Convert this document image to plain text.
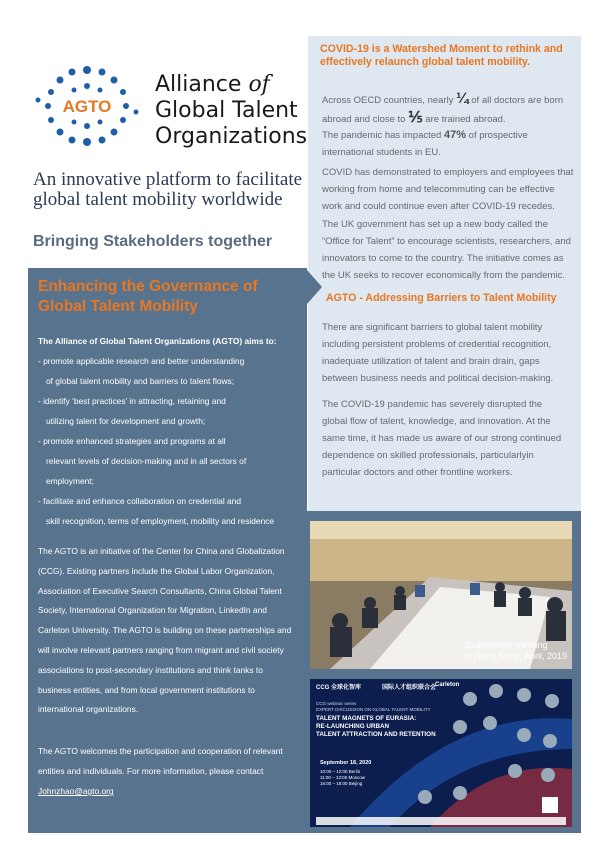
AGTO
Alliance of
Global Talent
Organizations
An innovative platform to facilitate
global talent mobility worldwide
Bringing Stakeholders together
COVID-19 is a Watershed Moment to rethink and
effectively relaunch global talent mobility.
Across OECD countries, nearly ¼ of all doctors are born
abroad and close to ⅕ are trained abroad.
The pandemic has impacted 47% of prospective
international students in EU.
COVID has demonstrated to employers and employees that
working from home and telecommuting can be effective
work and could continue even after COVID-19 recedes.
The UK government has set up a new body called the
“Office for Talent” to encourage scientists, researchers, and
innovators to come to the country. The initiative comes as
the UK seeks to recover economically from the pandemic.
AGTO - Addressing Barriers to Talent Mobility
There are significant barriers to global talent mobility
including persistent problems of credential recognition,
inadequate utilization of talent and brain drain, gaps
between business needs and political decision-making.
The COVID-19 pandemic has severely disrupted the
global flow of talent, knowledge, and innovation. At the
same time, it has made us aware of our strong continued
dependence on skilled professionals, particularlyin
particular doctors and other frontline workers.
Enhancing the Governance of
Global Talent Mobility
The Alliance of Global Talent Organizations (AGTO) aims to:
- promote applicable research and better understanding
of global talent mobility and barriers to talent flows;
- identify ‘best practices’ in attracting, retaining and
utilizing talent for development and growth;
- promote enhanced strategies and programs at all
relevant levels of decision-making and in all sectors of
employment;
- facilitate and enhance collaboration on credential and
skill recognition, terms of employment, mobility and residence
The AGTO is an initiative of the Center for China and Globalization
(CCG). Existing partners include the Global Labor Organization,
Association of Executive Search Consultants, China Global Talent
Society, International Organization for Migration, LinkedIn and
Carleton University. The AGTO is building on these partnerships and
will involve relevant partners ranging from migrant and civil society
associations to post-secondary institutions and think tanks to
business entities, and from local government institutions to
international organizations.
The AGTO welcomes the participation and cooperation of relevant
entities and individuals. For more information, please contact
Johnzhao@agto.org
Stakeholder meeting
in Hong Kong, April, 2019
CCG 全球化智库	国际人才组织联合会
Carleton
CCG webinar series
EXPERT DISCUSSION ON GLOBAL TALENT MOBILITY
TALENT MAGNETS OF EURASIA:
RE-LAUNCHING URBAN
TALENT ATTRACTION AND RETENTION
September 18, 2020
10:00 – 12:00 Berlin
11:00 – 13:00 Moscow
16:00 – 18:00 Beijing
